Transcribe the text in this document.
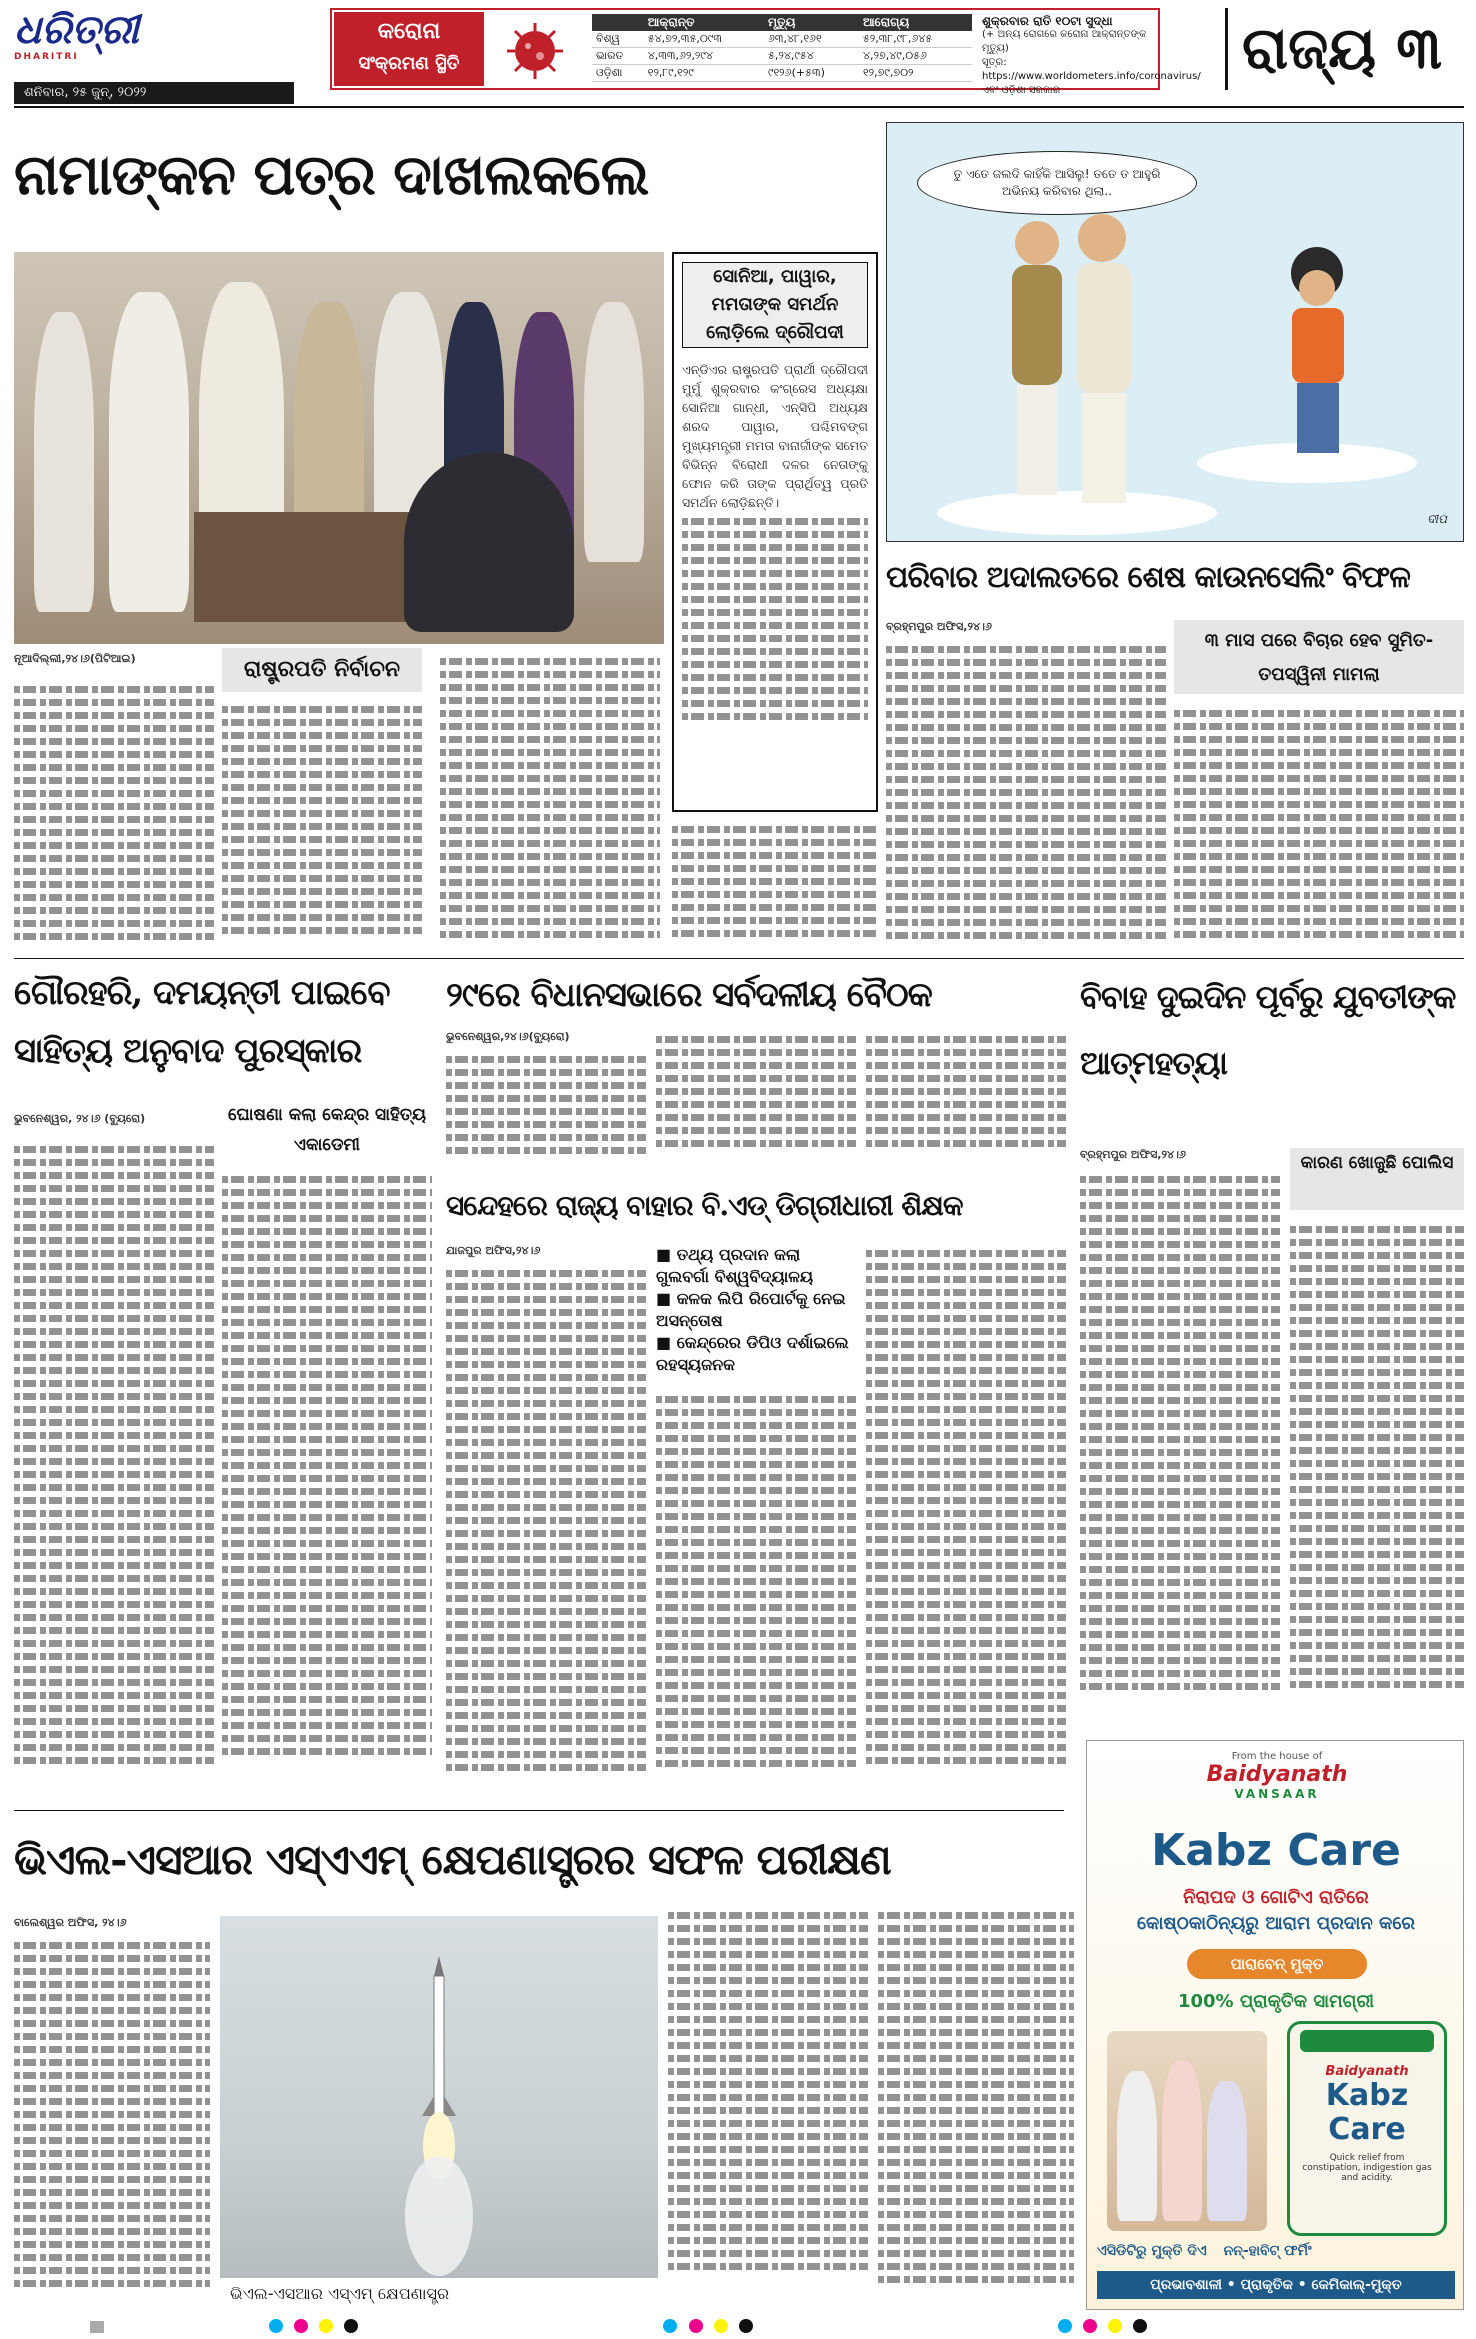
ଧରିତ୍ରୀ
DHARITRI
ଶନିବାର, ୨୫ ଜୁନ୍, ୨୦୨୨
କରୋନା
ସଂକ୍ରମଣ ସ୍ଥିତି
	ଆକ୍ରାନ୍ତ	ମୃତ୍ୟୁ	ଆରୋଗ୍ୟ
ବିଶ୍ୱ	୫୪,୭୨,୩୫,୦୯୩	୬୩,୪୮,୧୬୧	୫୨,୩୮,୯୮,୬୪୫
ଭାରତ	୪,୩୩,୬୨,୨୯୪	୫,୨୪,୯୫୪	୪,୨୭,୪୯,୦୫୬
ଓଡ଼ିଶା	୧୨,୮୯,୧୨୯	୯୧୨୬(+୫୩)	୧୨,୭୯,୭୦୨
ଶୁକ୍ରବାର ରାତି ୧୦ଟା ସୁଦ୍ଧା
(+ ଅନ୍ୟ ରୋଗରେ କରୋନା ଆକ୍ରାନ୍ତଙ୍କ ମୃତ୍ୟୁ)
ସୂତ୍ର: https://www.worldometers.info/coronavirus/ ଏବଂ ଓଡ଼ିଶା ସରକାର
ରାଜ୍ୟ ୩
ନାମାଙ୍କନ ପତ୍ର ଦାଖଲକଲେ
ସୋନିଆ, ପାୱାର, ମମତାଙ୍କ ସମର୍ଥନ ଲୋଡ଼ିଲେ ଦ୍ରୌପଦୀ
ଏନ୍‌ଡିଏର ରାଷ୍ଟ୍ରପତି ପ୍ରାର୍ଥୀ ଦ୍ରୌପଦୀ ମୁର୍ମୁ ଶୁକ୍ରବାର କଂଗ୍ରେସ ଅଧ୍ୟକ୍ଷା ସୋନିଆ ଗାନ୍ଧୀ, ଏନ୍‌ସିପି ଅଧ୍ୟକ୍ଷ ଶରଦ ପାୱାର, ପଶ୍ଚିମବଙ୍ଗ ମୁଖ୍ୟମନ୍ତ୍ରୀ ମମତା ବାନାର୍ଜୀଙ୍କ ସମେତ ବିଭିନ୍ନ ବିରୋଧୀ ଦଳର ନେତାଙ୍କୁ ଫୋନ କରି ତାଙ୍କ ପ୍ରାର୍ଥିତ୍ୱ ପ୍ରତି ସମର୍ଥନ ଲୋଡ଼ିଛନ୍ତି।
ନୂଆଦିଲ୍ଲୀ,୨୪।୬(ପିଟିଆଇ)	ରାଷ୍ଟ୍ରପତି ନିର୍ବାଚନ
ତୁ ଏତେ ଜଲଦି କାହିଁକି ଆସିଲୁ! ତତେ ତ ଆହୁରି ଅଭିନୟ କରିବାର ଥିଲା..
ଦୀପ
ପରିବାର ଅଦାଲତରେ ଶେଷ କାଉନସେଲିଂ ବିଫଳ
ବ୍ରହ୍ମପୁର ଅଫିସ,୨୪।୬
୩ ମାସ ପରେ ବିଚାର ହେବ ସୁମିତ-ତପସ୍ୱିନୀ ମାମଲା
ଗୌରହରି, ଦମୟନ୍ତୀ ପାଇବେ ସାହିତ୍ୟ ଅନୁବାଦ ପୁରସ୍କାର
ଭୁବନେଶ୍ୱର, ୨୪।୬ (ବ୍ୟୁରୋ)	ଘୋଷଣା କଲା କେନ୍ଦ୍ର ସାହିତ୍ୟ ଏକାଡେମୀ
୨୯ରେ ବିଧାନସଭାରେ ସର୍ବଦଳୀୟ ବୈଠକ
ଭୁବନେଶ୍ୱର,୨୪।୬(ବ୍ୟୁରୋ)
ବିବାହ ଦୁଇଦିନ ପୂର୍ବରୁ ଯୁବତୀଙ୍କ ଆତ୍ମହତ୍ୟା
ବ୍ରହ୍ମପୁର ଅଫିସ,୨୪।୬	କାରଣ ଖୋଜୁଛି ପୋଲିସ
ସନ୍ଦେହରେ ରାଜ୍ୟ ବାହାର ବି.ଏଡ୍ ଡିଗ୍ରୀଧାରୀ ଶିକ୍ଷକ
ଯାଜପୁର ଅଫିସ,୨୪।୬	■ ତଥ୍ୟ ପ୍ରଦାନ କଲା ଗୁଲବର୍ଗା ବିଶ୍ୱବିଦ୍ୟାଳୟ
■ କଳକ ଲିପି ରିପୋର୍ଟକୁ ନେଇ ଅସନ୍ତୋଷ
■ କେନ୍ଦ୍ରେର ଡିପିଓ ଦର୍ଶାଇଲେ ରହସ୍ୟଜନକ
ଭିଏଲ-ଏସଆର ଏସ୍‌ଏଏମ୍ କ୍ଷେପଣାସ୍ତ୍ରର ସଫଳ ପରୀକ୍ଷଣ
ବାଲେଶ୍ୱର ଅଫିସ, ୨୪।୬
ଭିଏଲ-ଏସଆର ଏସ୍‌ଏମ୍ କ୍ଷେପଣାସ୍ତ୍ର
From the house of
Baidyanath
VANSAAR
Kabz Care
ନିରାପଦ ଓ ଗୋଟିଏ ରାତିରେ
କୋଷ୍ଠକାଠିନ୍ୟରୁ ଆରାମ ପ୍ରଦାନ କରେ
ପାରାବେନ୍ ମୁକ୍ତ
100% ପ୍ରାକୃତିକ ସାମଗ୍ରୀ
Baidyanath
Kabz Care
Quick relief from constipation, indigestion gas and acidity.
ଏସିଡିଟିରୁ ମୁକ୍ତି ଦିଏ ନନ୍-ହାବିଟ୍ ଫର୍ମିଂ
ପ୍ରଭାବଶାଳୀ • ପ୍ରାକୃତିକ • କେମିକାଲ୍-ମୁକ୍ତ
